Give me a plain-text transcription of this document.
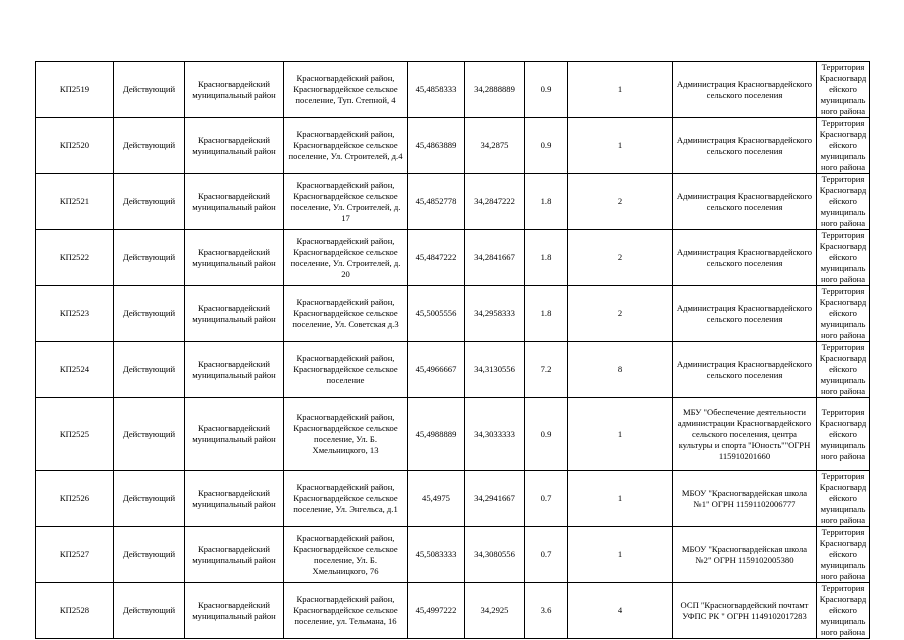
КП2519	Действующий	Красногвардейский муниципальный район	Красногвардейский район, Красногвардейское сельское поселение, Туп. Степной, 4	45,4858333	34,2888889	0.9	1	Администрация Красногвардейского сельского поселения	Территория Красногвардейского муниципального района
КП2520	Действующий	Красногвардейский муниципальный район	Красногвардейский район, Красногвардейское сельское поселение, Ул. Строителей, д.4	45,4863889	34,2875	0.9	1	Администрация Красногвардейского сельского поселения	Территория Красногвардейского муниципального района
КП2521	Действующий	Красногвардейский муниципальный район	Красногвардейский район, Красногвардейское сельское поселение, Ул. Строителей, д. 17	45,4852778	34,2847222	1.8	2	Администрация Красногвардейского сельского поселения	Территория Красногвардейского муниципального района
КП2522	Действующий	Красногвардейский муниципальный район	Красногвардейский район, Красногвардейское сельское поселение, Ул. Строителей, д. 20	45,4847222	34,2841667	1.8	2	Администрация Красногвардейского сельского поселения	Территория Красногвардейского муниципального района
КП2523	Действующий	Красногвардейский муниципальный район	Красногвардейский район, Красногвардейское сельское поселение, Ул. Советская д.3	45,5005556	34,2958333	1.8	2	Администрация Красногвардейского сельского поселения	Территория Красногвардейского муниципального района
КП2524	Действующий	Красногвардейский муниципальный район	Красногвардейский район, Красногвардейское сельское поселение	45,4966667	34,3130556	7.2	8	Администрация Красногвардейского сельского поселения	Территория Красногвардейского муниципального района
КП2525	Действующий	Красногвардейский муниципальный район	Красногвардейский район, Красногвардейское сельское поселение, Ул. Б. Хмельницкого, 13	45,4988889	34,3033333	0.9	1	МБУ "Обеспечение деятельности администрации Красногвардейского сельского поселения, центра культуры и спорта "Юность""ОГРН 115910201660	Территория Красногвардейского муниципального района
КП2526	Действующий	Красногвардейский муниципальный район	Красногвардейский район, Красногвардейское сельское поселение, Ул. Энгельса, д.1	45,4975	34,2941667	0.7	1	МБОУ "Красногвардейская школа №1" ОГРН 11591102006777	Территория Красногвардейского муниципального района
КП2527	Действующий	Красногвардейский муниципальный район	Красногвардейский район, Красногвардейское сельское поселение, Ул. Б. Хмельницкого, 76	45,5083333	34,3080556	0.7	1	МБОУ "Красногвардейская школа №2" ОГРН 1159102005380	Территория Красногвардейского муниципального района
КП2528	Действующий	Красногвардейский муниципальный район	Красногвардейский район, Красногвардейское сельское поселение, ул. Тельмана, 16	45,4997222	34,2925	3.6	4	ОСП "Красногвардейский почтамт УФПС РК " ОГРН 1149102017283	Территория Красногвардейского муниципального района
